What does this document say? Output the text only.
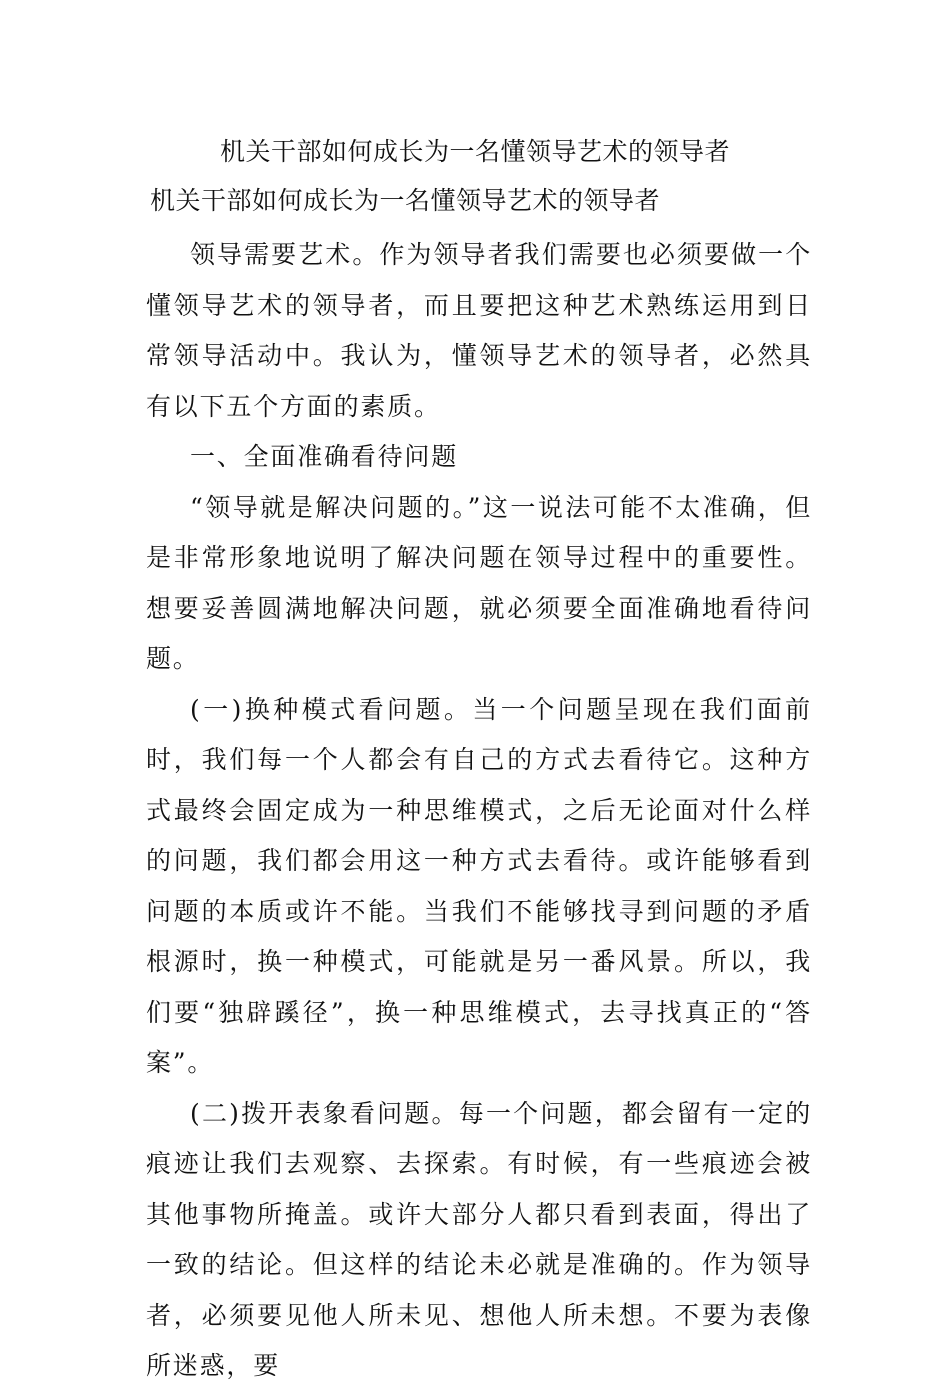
机关干部如何成长为一名懂领导艺术的领导者
机关干部如何成长为一名懂领导艺术的领导者

领导需要艺术。作为领导者我们需要也必须要做一个懂领导艺术的领导者，而且要把这种艺术熟练运用到日常领导活动中。我认为，懂领导艺术的领导者，必然具有以下五个方面的素质。

一、全面准确看待问题

“领导就是解决问题的。”这一说法可能不太准确，但是非常形象地说明了解决问题在领导过程中的重要性。想要妥善圆满地解决问题，就必须要全面准确地看待问题。

(一)换种模式看问题。当一个问题呈现在我们面前时，我们每一个人都会有自己的方式去看待它。这种方式最终会固定成为一种思维模式，之后无论面对什么样的问题，我们都会用这一种方式去看待。或许能够看到问题的本质或许不能。当我们不能够找寻到问题的矛盾根源时，换一种模式，可能就是另一番风景。所以，我们要“独辟蹊径”，换一种思维模式，去寻找真正的“答案”。

(二)拨开表象看问题。每一个问题，都会留有一定的痕迹让我们去观察、去探索。有时候，有一些痕迹会被其他事物所掩盖。或许大部分人都只看到表面，得出了一致的结论。但这样的结论未必就是准确的。作为领导者，必须要见他人所未见、想他人所未想。不要为表像所迷惑，要
